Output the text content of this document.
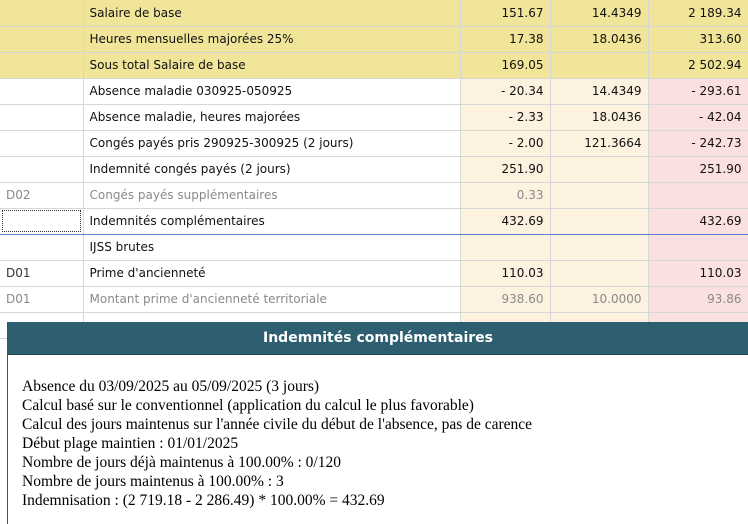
	Salaire de base	151.67	14.4349	2 189.34
	Heures mensuelles majorées 25%	17.38	18.0436	313.60
	Sous total Salaire de base	169.05		2 502.94
	Absence maladie 030925-050925	- 20.34	14.4349	- 293.61
	Absence maladie, heures majorées	- 2.33	18.0436	- 42.04
	Congés payés pris 290925-300925 (2 jours)	- 2.00	121.3664	- 242.73
	Indemnité congés payés (2 jours)	251.90		251.90
D02	Congés payés supplémentaires	0.33		
	Indemnités complémentaires	432.69		432.69
	IJSS brutes			
D01	Prime d'ancienneté	110.03		110.03
D01	Montant prime d'ancienneté territoriale	938.60	10.0000	93.86

Indemnités complémentaires
Absence du 03/09/2025 au 05/09/2025 (3 jours)
Calcul basé sur le conventionnel (application du calcul le plus favorable)
Calcul des jours maintenus sur l'année civile du début de l'absence, pas de carence
Début plage maintien : 01/01/2025
Nombre de jours déjà maintenus à 100.00% : 0/120
Nombre de jours maintenus à 100.00% : 3
Indemnisation : (2 719.18 - 2 286.49) * 100.00% = 432.69
